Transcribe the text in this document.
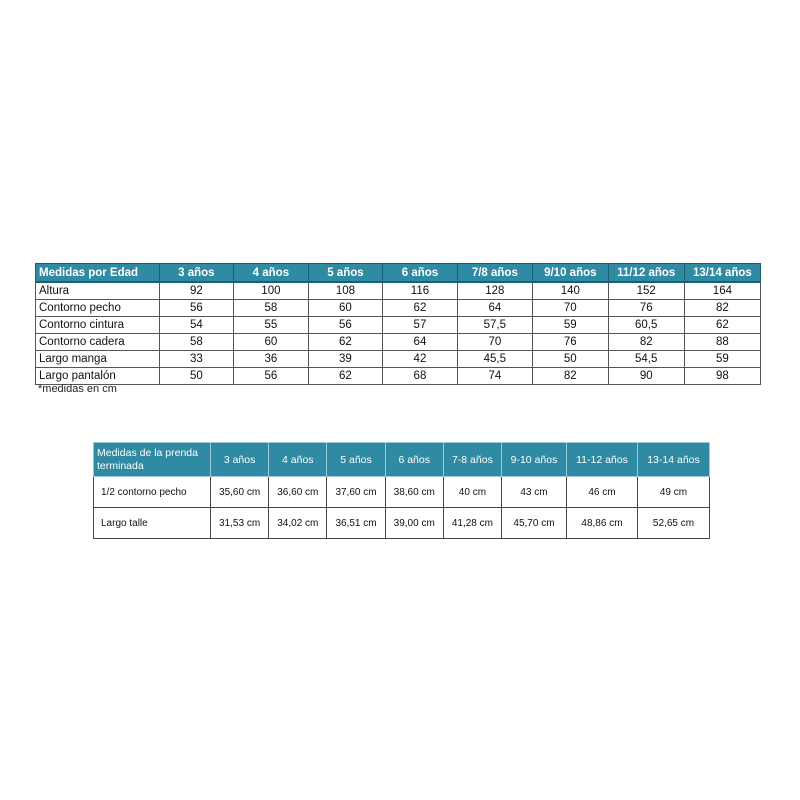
Medidas por Edad	3 años	4 años	5 años	6 años	7/8 años	9/10 años	11/12 años	13/14 años
Altura	92	100	108	116	128	140	152	164
Contorno pecho	56	58	60	62	64	70	76	82
Contorno cintura	54	55	56	57	57,5	59	60,5	62
Contorno cadera	58	60	62	64	70	76	82	88
Largo manga	33	36	39	42	45,5	50	54,5	59
Largo pantalón	50	56	62	68	74	82	90	98
*medidas en cm
Medidas de la prenda terminada	3 años	4 años	5 años	6 años	7-8 años	9-10 años	11-12 años	13-14 años
1/2 contorno pecho	35,60 cm	36,60 cm	37,60 cm	38,60 cm	40 cm	43 cm	46 cm	49 cm
Largo talle	31,53 cm	34,02 cm	36,51 cm	39,00 cm	41,28 cm	45,70 cm	48,86 cm	52,65 cm
